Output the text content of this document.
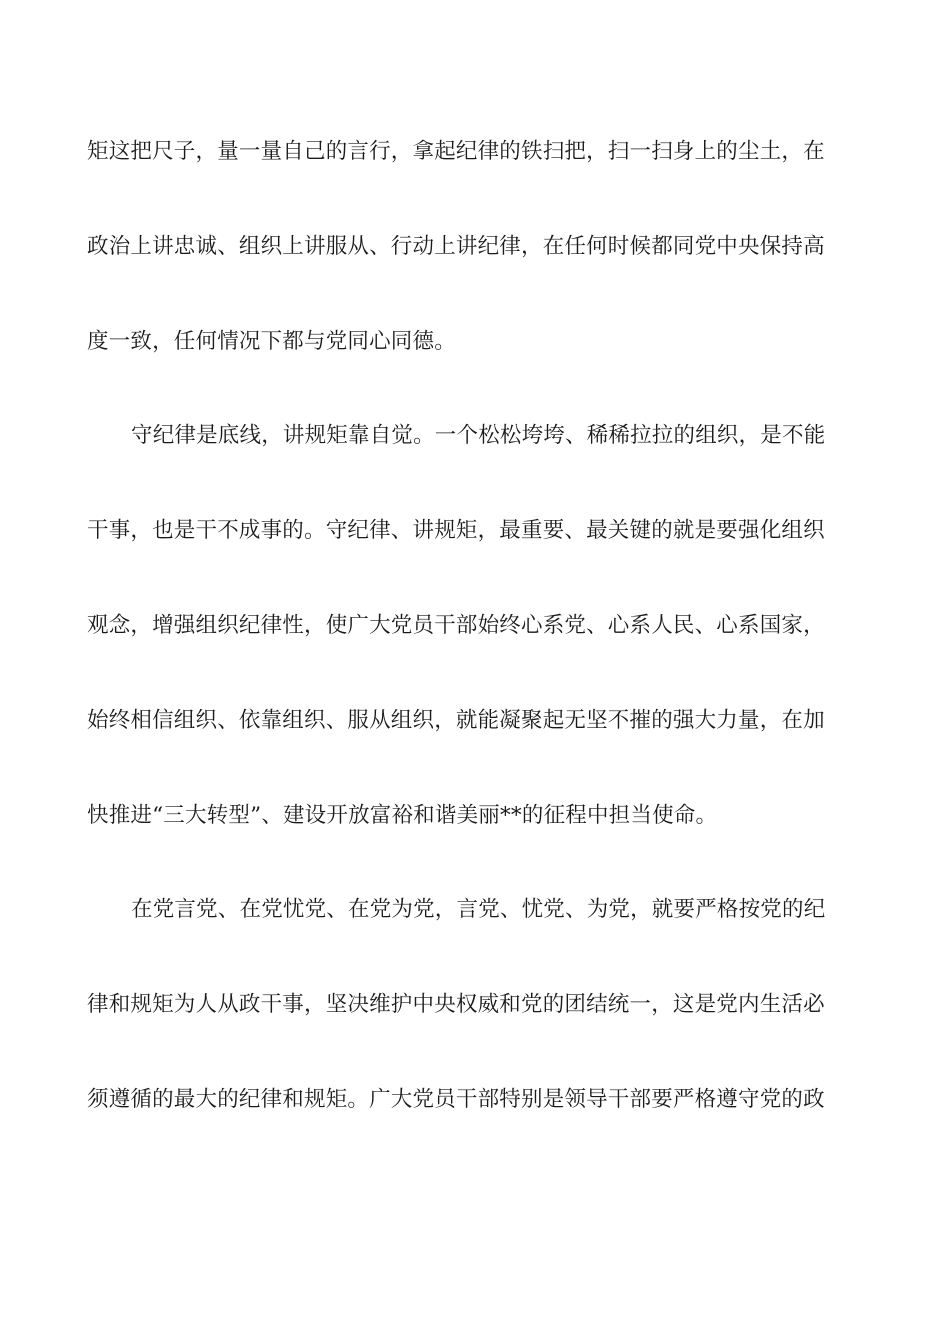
矩这把尺子，量一量自己的言行，拿起纪律的铁扫把，扫一扫身上的尘土，在
政治上讲忠诚、组织上讲服从、行动上讲纪律，在任何时候都同党中央保持高
度一致，任何情况下都与党同心同德。
守纪律是底线，讲规矩靠自觉。一个松松垮垮、稀稀拉拉的组织，是不能
干事，也是干不成事的。守纪律、讲规矩，最重要、最关键的就是要强化组织
观念，增强组织纪律性，使广大党员干部始终心系党、心系人民、心系国家，
始终相信组织、依靠组织、服从组织，就能凝聚起无坚不摧的强大力量，在加
快推进“三大转型”、建设开放富裕和谐美丽**的征程中担当使命。
在党言党、在党忧党、在党为党，言党、忧党、为党，就要严格按党的纪
律和规矩为人从政干事，坚决维护中央权威和党的团结统一，这是党内生活必
须遵循的最大的纪律和规矩。广大党员干部特别是领导干部要严格遵守党的政
